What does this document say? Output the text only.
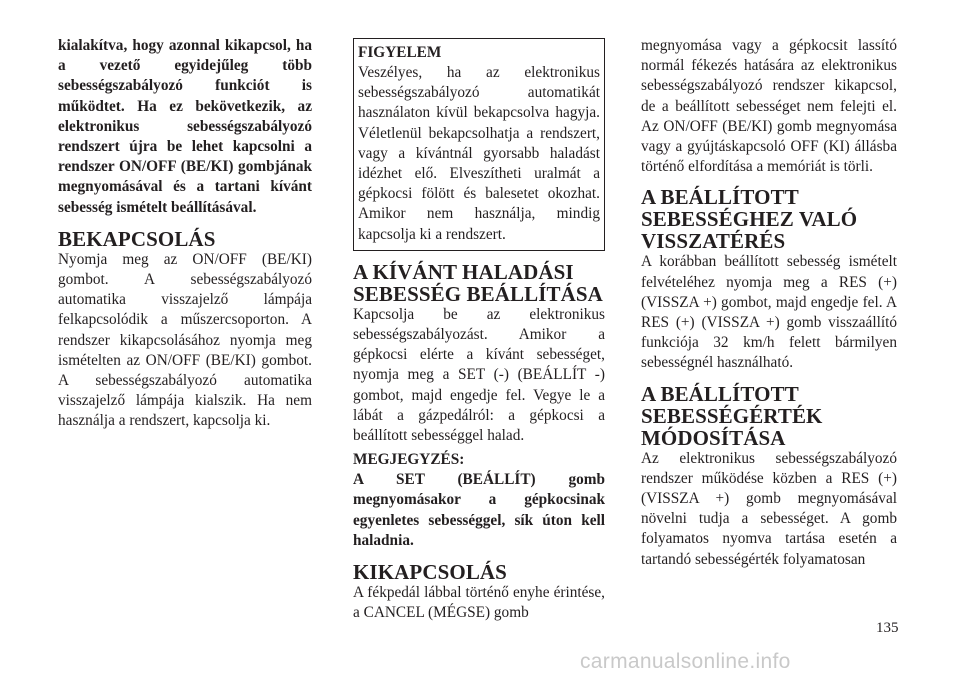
kialakítva, hogy azonnal kikapcsol, ha a vezető egyidejűleg több sebességszabályozó funkciót is működtet. Ha ez bekövetkezik, az elektronikus sebességszabályozó rendszert újra be lehet kapcsolni a rendszer ON/OFF (BE/KI) gombjának megnyomásával és a tartani kívánt sebesség ismételt beállításával.

BEKAPCSOLÁS

Nyomja meg az ON/OFF (BE/KI) gombot. A sebességszabályozó automatika visszajelző lámpája felkapcsolódik a műszercsoporton. A rendszer kikapcsolásához nyomja meg ismételten az ON/OFF (BE/KI) gombot. A sebességszabályozó automatika visszajelző lámpája kialszik. Ha nem használja a rendszert, kapcsolja ki.

FIGYELEM

Veszélyes, ha az elektronikus sebességszabályozó automatikát használaton kívül bekapcsolva hagyja. Véletlenül bekapcsolhatja a rendszert, vagy a kívántnál gyorsabb haladást idézhet elő. Elveszítheti uralmát a gépkocsi fölött és balesetet okozhat. Amikor nem használja, mindig kapcsolja ki a rendszert.

A KÍVÁNT HALADÁSI SEBESSÉG BEÁLLÍTÁSA

Kapcsolja be az elektronikus sebességszabályozást. Amikor a gépkocsi elérte a kívánt sebességet, nyomja meg a SET (-) (BEÁLLÍT -) gombot, majd engedje fel. Vegye le a lábát a gázpedálról: a gépkocsi a beállított sebességgel halad.

MEGJEGYZÉS:

A SET (BEÁLLÍT) gomb megnyomásakor a gépkocsinak egyenletes sebességgel, sík úton kell haladnia.

KIKAPCSOLÁS

A fékpedál lábbal történő enyhe érintése, a CANCEL (MÉGSE) gomb

megnyomása vagy a gépkocsit lassító normál fékezés hatására az elektronikus sebességszabályozó rendszer kikapcsol, de a beállított sebességet nem felejti el. Az ON/OFF (BE/KI) gomb megnyomása vagy a gyújtáskapcsoló OFF (KI) állásba történő elfordítása a memóriát is törli.

A BEÁLLÍTOTT SEBESSÉGHEZ VALÓ VISSZATÉRÉS

A korábban beállított sebesség ismételt felvételéhez nyomja meg a RES (+) (VISSZA +) gombot, majd engedje fel. A RES (+) (VISSZA +) gomb visszaállító funkciója 32 km/h felett bármilyen sebességnél használható.

A BEÁLLÍTOTT SEBESSÉGÉRTÉK MÓDOSÍTÁSA

Az elektronikus sebességszabályozó rendszer működése közben a RES (+) (VISSZA +) gomb megnyomásával növelni tudja a sebességet. A gomb folyamatos nyomva tartása esetén a tartandó sebességérték folyamatosan

135
carmanualsonline.info
